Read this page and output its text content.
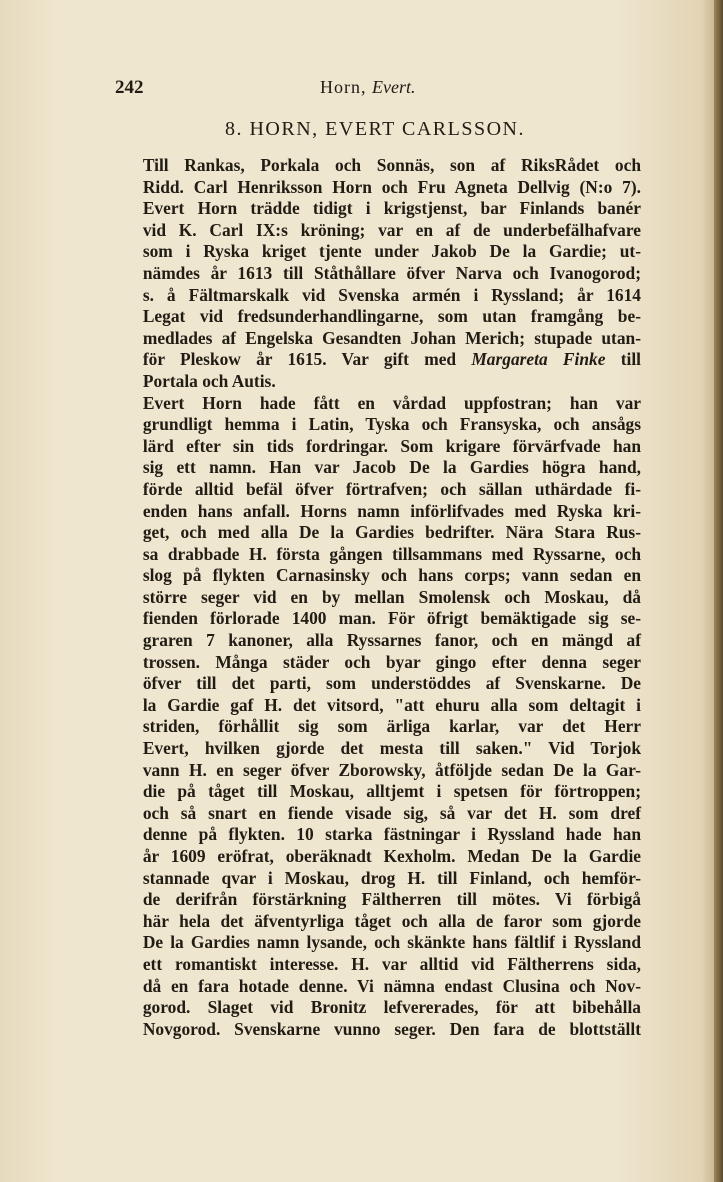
242	Horn, Evert.
8. HORN, EVERT CARLSSON.

Till Rankas, Porkala och Sonnäs, son af RiksRådet och
Ridd. Carl Henriksson Horn och Fru Agneta Dellvig (N:o 7).
Evert Horn trädde tidigt i krigstjenst, bar Finlands banér
vid K. Carl IX:s kröning; var en af de underbefälhafvare
som i Ryska kriget tjente under Jakob De la Gardie; ut-
nämdes år 1613 till Ståthållare öfver Narva och Ivanogorod;
s. å Fältmarskalk vid Svenska armén i Ryssland; år 1614
Legat vid fredsunderhandlingarne, som utan framgång be-
medlades af Engelska Gesandten Johan Merich; stupade utan-
för Pleskow år 1615. Var gift med Margareta Finke till
Portala och Autis.

Evert Horn hade fått en vårdad uppfostran; han var
grundligt hemma i Latin, Tyska och Fransyska, och ansågs
lärd efter sin tids fordringar. Som krigare förvärfvade han
sig ett namn. Han var Jacob De la Gardies högra hand,
förde alltid befäl öfver förtrafven; och sällan uthärdade fi-
enden hans anfall. Horns namn införlifvades med Ryska kri-
get, och med alla De la Gardies bedrifter. Nära Stara Rus-
sa drabbade H. första gången tillsammans med Ryssarne, och
slog på flykten Carnasinsky och hans corps; vann sedan en
större seger vid en by mellan Smolensk och Moskau, då
fienden förlorade 1400 man. För öfrigt bemäktigade sig se-
graren 7 kanoner, alla Ryssarnes fanor, och en mängd af
trossen. Många städer och byar gingo efter denna seger
öfver till det parti, som understöddes af Svenskarne. De
la Gardie gaf H. det vitsord, "att ehuru alla som deltagit i
striden, förhållit sig som ärliga karlar, var det Herr
Evert, hvilken gjorde det mesta till saken." Vid Torjok
vann H. en seger öfver Zborowsky, åtföljde sedan De la Gar-
die på tåget till Moskau, alltjemt i spetsen för förtroppen;
och så snart en fiende visade sig, så var det H. som dref
denne på flykten. 10 starka fästningar i Ryssland hade han
år 1609 eröfrat, oberäknadt Kexholm. Medan De la Gardie
stannade qvar i Moskau, drog H. till Finland, och hemför-
de derifrån förstärkning Fältherren till mötes. Vi förbigå
här hela det äfventyrliga tåget och alla de faror som gjorde
De la Gardies namn lysande, och skänkte hans fältlif i Ryssland
ett romantiskt interesse. H. var alltid vid Fältherrens sida,
då en fara hotade denne. Vi nämna endast Clusina och Nov-
gorod. Slaget vid Bronitz lefvererades, för att bibehålla
Novgorod. Svenskarne vunno seger. Den fara de blottställt
